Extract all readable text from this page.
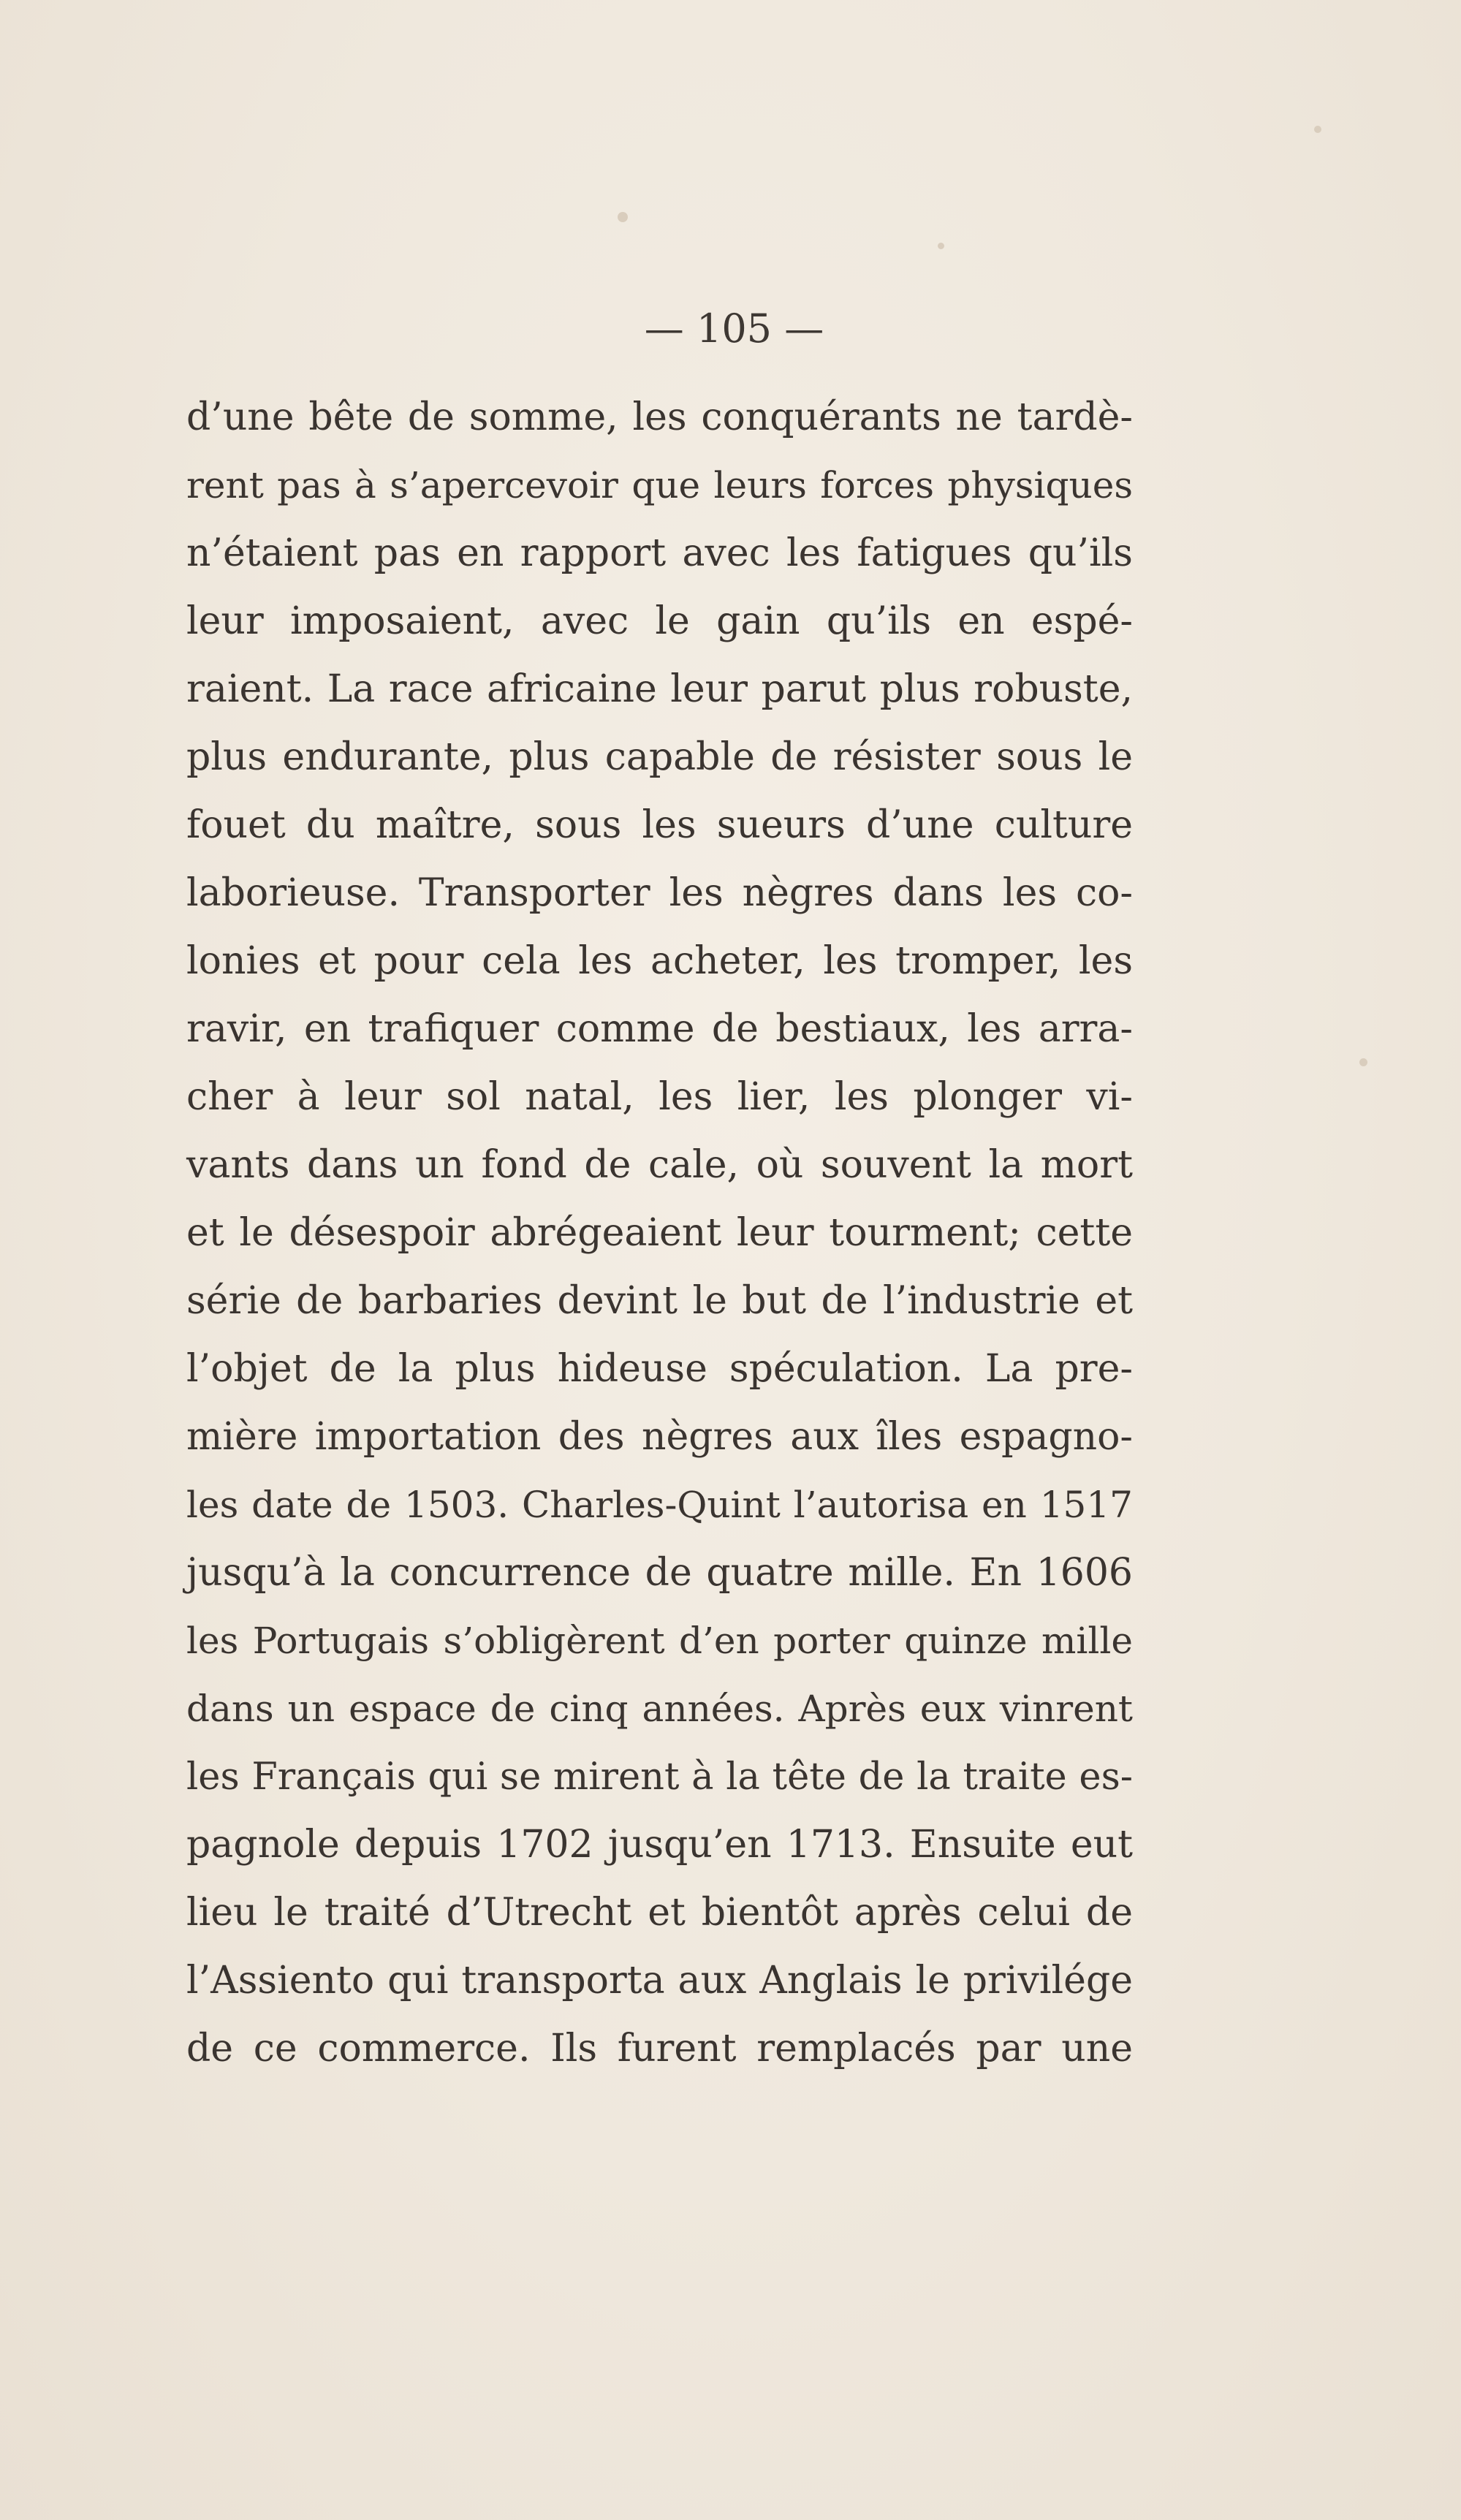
— 105 —
d’une bête de somme, les conquérants ne tardè-
rent pas à s’apercevoir que leurs forces physiques
n’étaient pas en rapport avec les fatigues qu’ils
leur imposaient, avec le gain qu’ils en espé-
raient. La race africaine leur parut plus robuste,
plus endurante, plus capable de résister sous le
fouet du maître, sous les sueurs d’une culture
laborieuse. Transporter les nègres dans les co-
lonies et pour cela les acheter, les tromper, les
ravir, en trafiquer comme de bestiaux, les arra-
cher à leur sol natal, les lier, les plonger vi-
vants dans un fond de cale, où souvent la mort
et le désespoir abrégeaient leur tourment; cette
série de barbaries devint le but de l’industrie et
l’objet de la plus hideuse spéculation. La pre-
mière importation des nègres aux îles espagno-
les date de 1503. Charles-Quint l’autorisa en 1517
jusqu’à la concurrence de quatre mille. En 1606
les Portugais s’obligèrent d’en porter quinze mille
dans un espace de cinq années. Après eux vinrent
les Français qui se mirent à la tête de la traite es-
pagnole depuis 1702 jusqu’en 1713. Ensuite eut
lieu le traité d’Utrecht et bientôt après celui de
l’Assiento qui transporta aux Anglais le privilége
de ce commerce. Ils furent remplacés par une
